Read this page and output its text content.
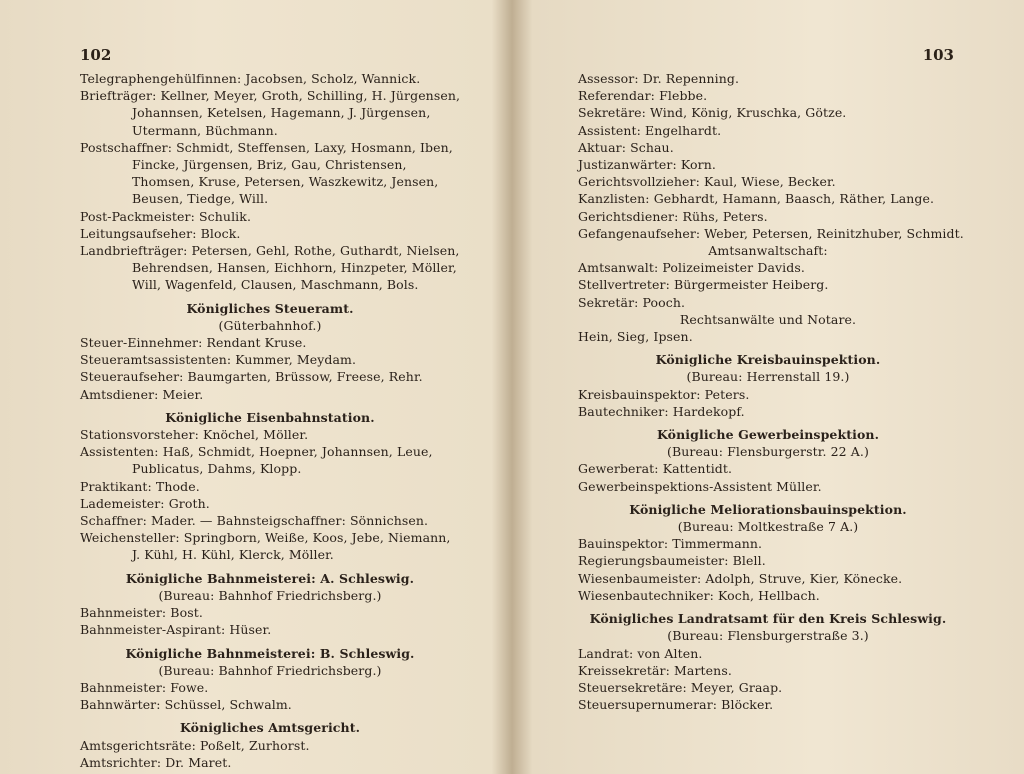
102
Telegraphengehülfinnen: Jacobsen, Scholz, Wannick.
Briefträger: Kellner, Meyer, Groth, Schilling, H. Jürgensen,
Johannsen, Ketelsen, Hagemann, J. Jürgensen,
Utermann, Büchmann.
Postschaffner: Schmidt, Steffensen, Laxy, Hosmann, Iben,
Fincke, Jürgensen, Briz, Gau, Christensen,
Thomsen, Kruse, Petersen, Waszkewitz, Jensen,
Beusen, Tiedge, Will.
Post-Packmeister: Schulik.
Leitungsaufseher: Block.
Landbriefträger: Petersen, Gehl, Rothe, Guthardt, Nielsen,
Behrendsen, Hansen, Eichhorn, Hinzpeter, Möller,
Will, Wagenfeld, Clausen, Maschmann, Bols.
Königliches Steueramt.
(Güterbahnhof.)
Steuer-Einnehmer: Rendant Kruse.
Steueramtsassistenten: Kummer, Meydam.
Steueraufseher: Baumgarten, Brüssow, Freese, Rehr.
Amtsdiener: Meier.
Königliche Eisenbahnstation.
Stationsvorsteher: Knöchel, Möller.
Assistenten: Haß, Schmidt, Hoepner, Johannsen, Leue,
Publicatus, Dahms, Klopp.
Praktikant: Thode.
Lademeister: Groth.
Schaffner: Mader. — Bahnsteigschaffner: Sönnichsen.
Weichensteller: Springborn, Weiße, Koos, Jebe, Niemann,
J. Kühl, H. Kühl, Klerck, Möller.
Königliche Bahnmeisterei: A. Schleswig.
(Bureau: Bahnhof Friedrichsberg.)
Bahnmeister: Bost.
Bahnmeister-Aspirant: Hüser.
Königliche Bahnmeisterei: B. Schleswig.
(Bureau: Bahnhof Friedrichsberg.)
Bahnmeister: Fowe.
Bahnwärter: Schüssel, Schwalm.
Königliches Amtsgericht.
Amtsgerichtsräte: Poßelt, Zurhorst.
Amtsrichter: Dr. Maret.
103
Assessor: Dr. Repenning.
Referendar: Flebbe.
Sekretäre: Wind, König, Kruschka, Götze.
Assistent: Engelhardt.
Aktuar: Schau.
Justizanwärter: Korn.
Gerichtsvollzieher: Kaul, Wiese, Becker.
Kanzlisten: Gebhardt, Hamann, Baasch, Räther, Lange.
Gerichtsdiener: Rühs, Peters.
Gefangenaufseher: Weber, Petersen, Reinitzhuber, Schmidt.
Amtsanwaltschaft:
Amtsanwalt: Polizeimeister Davids.
Stellvertreter: Bürgermeister Heiberg.
Sekretär: Pooch.
Rechtsanwälte und Notare.
Hein, Sieg, Ipsen.
Königliche Kreisbauinspektion.
(Bureau: Herrenstall 19.)
Kreisbauinspektor: Peters.
Bautechniker: Hardekopf.
Königliche Gewerbeinspektion.
(Bureau: Flensburgerstr. 22 A.)
Gewerberat: Kattentidt.
Gewerbeinspektions-Assistent Müller.
Königliche Meliorationsbauinspektion.
(Bureau: Moltkestraße 7 A.)
Bauinspektor: Timmermann.
Regierungsbaumeister: Blell.
Wiesenbaumeister: Adolph, Struve, Kier, Könecke.
Wiesenbautechniker: Koch, Hellbach.
Königliches Landratsamt für den Kreis Schleswig.
(Bureau: Flensburgerstraße 3.)
Landrat: von Alten.
Kreissekretär: Martens.
Steuersekretäre: Meyer, Graap.
Steuersupernumerar: Blöcker.
